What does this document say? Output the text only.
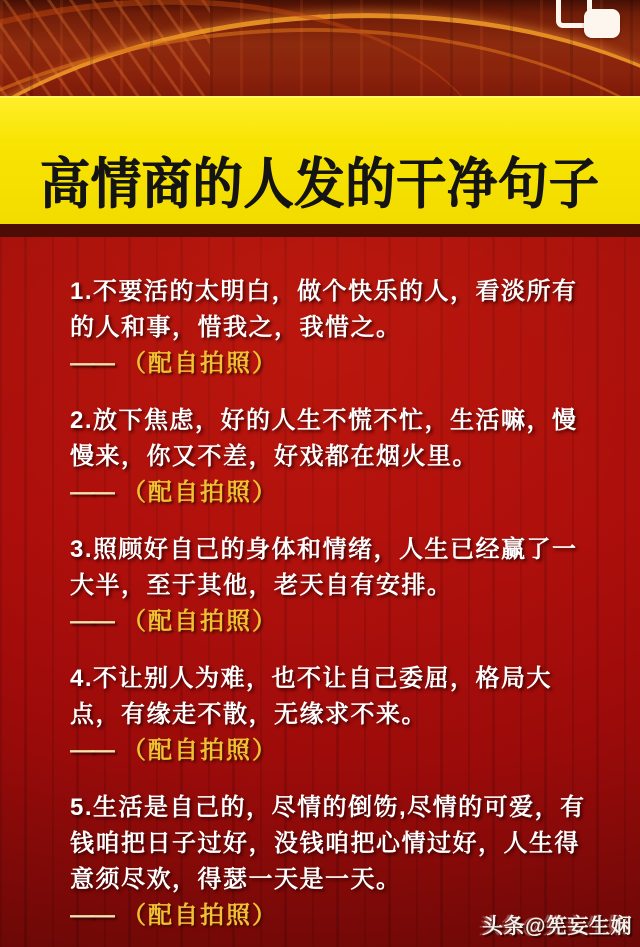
高情商的人发的干净句子

1.不要活的太明白，做个快乐的人，看淡所有的人和事，惜我之，我惜之。

—— （配自拍照）

2.放下焦虑，好的人生不慌不忙，生活嘛，慢慢来，你又不差，好戏都在烟火里。

—— （配自拍照）

3.照顾好自己的身体和情绪，人生已经赢了一大半，至于其他，老天自有安排。

—— （配自拍照）

4.不让别人为难，也不让自己委屈，格局大点，有缘走不散，无缘求不来。

—— （配自拍照）

5.生活是自己的，尽情的倒饬,尽情的可爱，有钱咱把日子过好，没钱咱把心情过好，人生得意须尽欢，得瑟一天是一天。

—— （配自拍照）	头条@筅妄生娴
